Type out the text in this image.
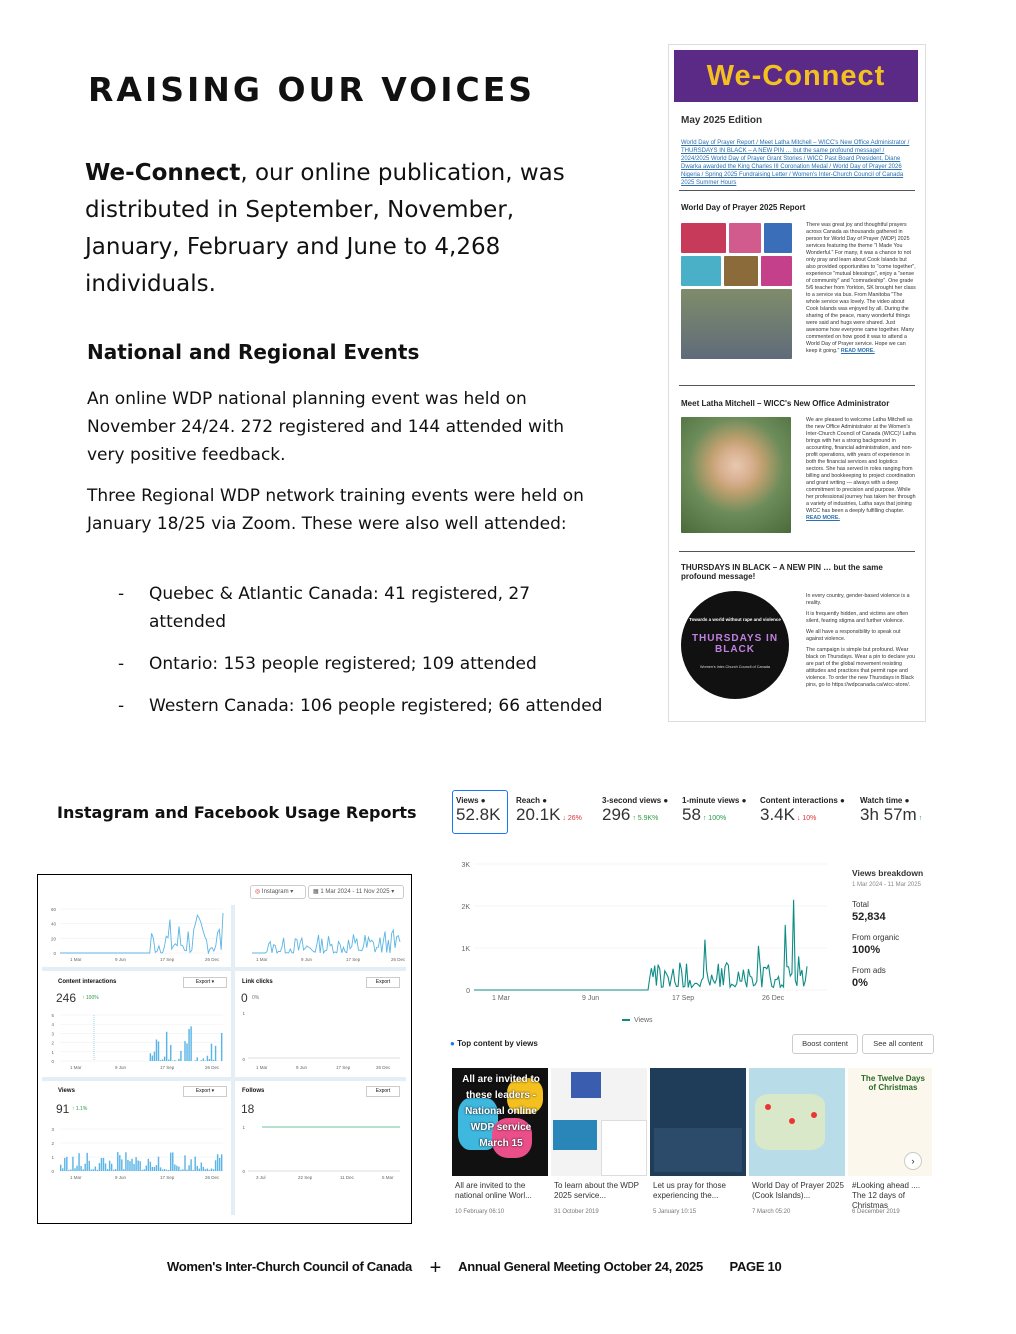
RAISING OUR VOICES
We-Connect, our online publication, was distributed in September, November, January, February and June to 4,268 individuals.
National and Regional Events
An online WDP national planning event was held on November 24/24. 272 registered and 144 attended with very positive feedback.
Three Regional WDP network training events were held on January 18/25 via Zoom. These were also well attended:
- Quebec & Atlantic Canada: 41 registered, 27 attended
- Ontario: 153 people registered; 109 attended
- Western Canada: 106 people registered; 66 attended
We-Connect
May 2025 Edition
World Day of Prayer Report / Meet Latha Mitchell – WICC's New Office Administrator / THURSDAYS IN BLACK – A NEW PIN … but the same profound message! / 2024/2025 World Day of Prayer Grant Stories / WICC Past Board President, Diane Dwarka awarded the King Charles III Coronation Medal / World Day of Prayer 2026 Nigeria / Spring 2025 Fundraising Letter / Women's Inter-Church Council of Canada 2025 Summer Hours
World Day of Prayer 2025 Report
There was great joy and thoughtful prayers across Canada as thousands gathered in person for World Day of Prayer (WDP) 2025 services featuring the theme "I Made You Wonderful." For many, it was a chance to not only pray and learn about Cook Islands but also provided opportunities to "come together", experience "mutual blessings", enjoy a "sense of community" and "comradeship". One grade 5/6 teacher from Yorkton, SK brought her class to a service via bus. From Manitoba "The whole service was lovely. The video about Cook Islands was enjoyed by all. During the sharing of the peace, many wonderful things were said and hugs were shared. Just awesome how everyone came together. Many commented on how good it was to attend a World Day of Prayer service. Hope we can keep it going." READ MORE.
Meet Latha Mitchell – WICC's New Office Administrator
We are pleased to welcome Latha Mitchell as the new Office Administrator at the Women's Inter-Church Council of Canada (WICC)! Latha brings with her a strong background in accounting, financial administration, and non-profit operations, with years of experience in both the financial services and logistics sectors. She has served in roles ranging from billing and bookkeeping to project coordination and grant writing — always with a deep commitment to precision and purpose. While her professional journey has taken her through a variety of industries, Latha says that joining WICC has been a deeply fulfilling chapter. READ MORE.
THURSDAYS IN BLACK – A NEW PIN … but the same profound message!
Towards a world without rape and violence
THURSDAYS IN BLACK
Women's Inter-Church Council of Canada
In every country, gender-based violence is a reality.
It is frequently hidden, and victims are often silent, fearing stigma and further violence.
We all have a responsibility to speak out against violence.
The campaign is simple but profound. Wear black on Thursdays. Wear a pin to declare you are part of the global movement resisting attitudes and practices that permit rape and violence. To order the new Thursdays in Black pins, go to https://wdpcanada.ca/wicc-store/.
Instagram and Facebook Usage Reports
◎ Instagram ▾	▦ 1 Mar 2024 - 11 Nov 2025 ▾
60
40
20
0
1 Mar	9 Jun	17 Sep	26 Dec	1 Mar	9 Jun	17 Sep	26 Dec
5
4
3
2
1
0
1 Mar	9 Jun	17 Sep	26 Dec	1 Mar	9 Jun	17 Sep	26 Dec
1
0
3
2
1
0
1 Mar	9 Jun	17 Sep	26 Dec	3 Jul	22 Sep	11 Dec	5 Mar
1
0
Content interactions
246 ↑ 100%
Export ▾	Link clicks
0 0%
Export
Views
91 ↑ 1.1%
Export ▾	Follows
18
Export
Views ●
52.8K
Reach ●
20.1K ↓ 26%
3-second views ●
296 ↑ 5.9K%
1-minute views ●
58 ↑ 100%
Content interactions ●
3.4K ↓ 10%
Watch time ●
3h 57m ↑
3K
2K
1K
0
1 Mar	9 Jun	17 Sep	26 Dec
Views
Views breakdown
1 Mar 2024 - 11 Mar 2025
Total
52,834
From organic
100%
From ads
0%
● Top content by views	Boost content	See all content
All are invited to these leaders - National online WDP service March 15
The Twelve Days of Christmas
›
All are invited to the national online Worl...
10 February 06:10
To learn about the WDP 2025 service...
31 October 2019
Let us pray for those experiencing the...
5 January 10:15
World Day of Prayer 2025 (Cook Islands)...
7 March 05:20
#Looking ahead .... The 12 days of Christmas
6 December 2019
Women's Inter-Church Council of Canada + Annual General Meeting October 24, 2025 PAGE 10
